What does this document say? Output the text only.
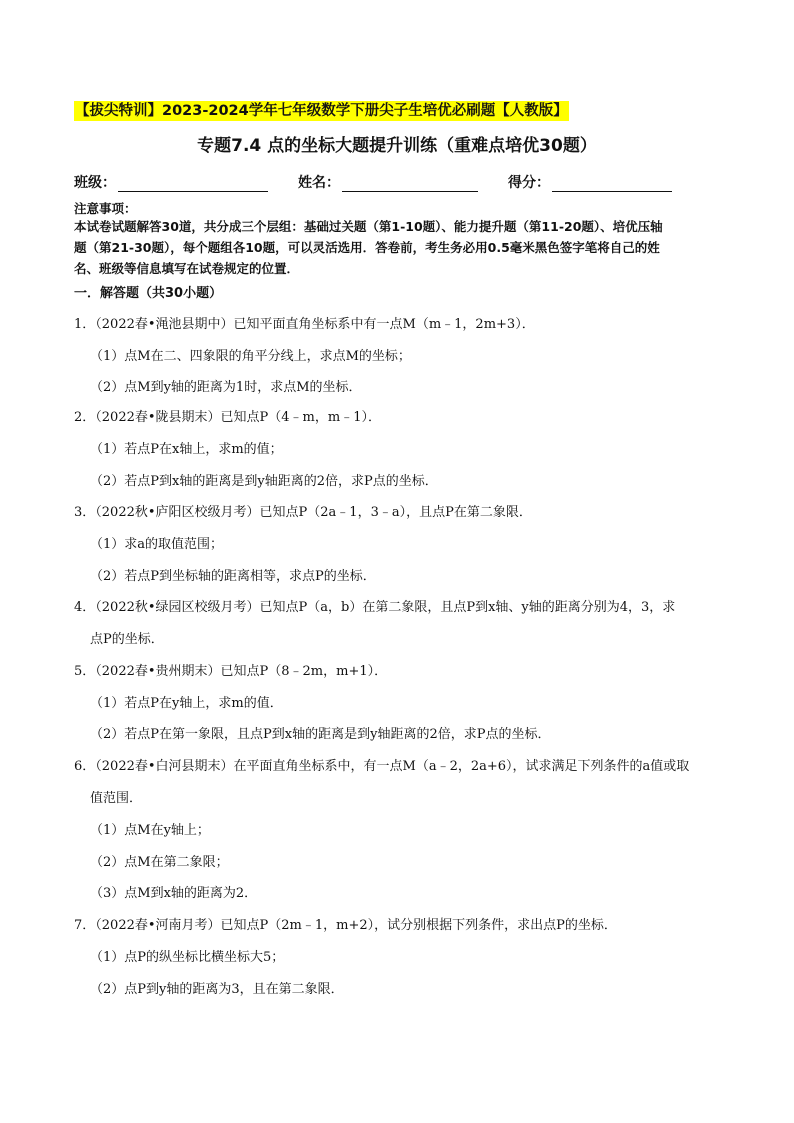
【拔尖特训】2023-2024学年七年级数学下册尖子生培优必刷题【人教版】
专题7.4 点的坐标大题提升训练（重难点培优30题）
班级：	姓名：	得分：
注意事项：
本试卷试题解答30道，共分成三个层组：基础过关题（第1-10题）、能力提升题（第11-20题）、培优压轴
题（第21-30题），每个题组各10题，可以灵活选用．答卷前，考生务必用0.5毫米黑色签字笔将自己的姓
名、班级等信息填写在试卷规定的位置．
一．解答题（共30小题）
1．（2022春•渑池县期中）已知平面直角坐标系中有一点M（m﹣1，2m+3）．
（1）点M在二、四象限的角平分线上，求点M的坐标；
（2）点M到y轴的距离为1时，求点M的坐标．
2．（2022春•陇县期末）已知点P（4﹣m，m﹣1）．
（1）若点P在x轴上，求m的值；
（2）若点P到x轴的距离是到y轴距离的2倍，求P点的坐标．
3．（2022秋•庐阳区校级月考）已知点P（2a﹣1，3﹣a），且点P在第二象限．
（1）求a的取值范围；
（2）若点P到坐标轴的距离相等，求点P的坐标．
4．（2022秋•绿园区校级月考）已知点P（a，b）在第二象限，且点P到x轴、y轴的距离分别为4，3，求
点P的坐标．
5．（2022春•贵州期末）已知点P（8﹣2m，m+1）．
（1）若点P在y轴上，求m的值．
（2）若点P在第一象限，且点P到x轴的距离是到y轴距离的2倍，求P点的坐标．
6．（2022春•白河县期末）在平面直角坐标系中，有一点M（a﹣2，2a+6），试求满足下列条件的a值或取
值范围．
（1）点M在y轴上；
（2）点M在第二象限；
（3）点M到x轴的距离为2．
7．（2022春•河南月考）已知点P（2m﹣1，m+2），试分别根据下列条件，求出点P的坐标．
（1）点P的纵坐标比横坐标大5；
（2）点P到y轴的距离为3，且在第二象限．
